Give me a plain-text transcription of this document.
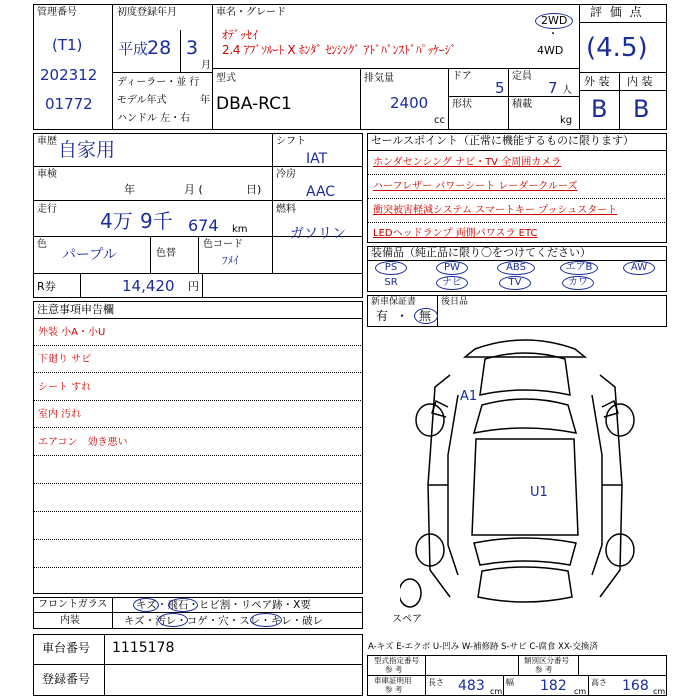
管理番号
(T1)
202312
01772
初度登録年月
平成
28 3
月
ディーラー・並 行
モデル年式	年
ハンドル 左・右
車名・グレード
ｵﾃﾞｯｾｲ
2.4 ｱﾌﾞｿﾙｰﾄ X ﾎﾝﾀﾞ ｾﾝｼﾝｸﾞ ｱﾄﾞﾊﾞﾝｽﾄﾞﾊﾟｯｹｰｼﾞ
2WD
・
4WD
型式
DBA-RC1
排気量
2400
cc
ドア
5
定員
7 人
形状	積載
kg
評 価 点
(4.5)
外 装 内 装
B B
車歴 自家用
車検
年	月 (	日)
走行 4万 9千 674 km
色
パープル	色替
色コード
ﾌﾒｲ
R券	14,420 円
シフト
IAT
冷房
AAC
燃料
ガソリン
セールスポイント（正常に機能するものに限ります）
ホンダセンシング ナビ・TV 全周囲カメラ
ハーフレザー パワーシート レーダークルーズ
衝突被害軽減システム スマートキー プッシュスタート
LEDヘッドランプ 両側パワスラ ETC
装備品（純正品に限り〇をつけてください）
PS	PW	ABS	エアB	AW
SR	ナビ	TV	カワ
新車保証書	後日品
有 ・ 無
注意事項申告欄
外装 小A・小U
下廻り サビ
シート すれ
室内 汚れ
エアコン　効き悪い
A1
U1
スペア
フロントガラス	キズ・飛石・ヒビ割・リペア跡・X要
内装	キズ・汚レ・コゲ・穴・スレ・キレ・破レ
車台番号 1115178
登録番号
A-キズ E-エクボ U-凹み W-補修跡 S-サビ C-腐食 XX-交換済
型式指定番号
参 考
類別区分番号
参 考
車庫証明用
参 考
長さ 483 cm
幅 182 cm
高さ 168 cm
